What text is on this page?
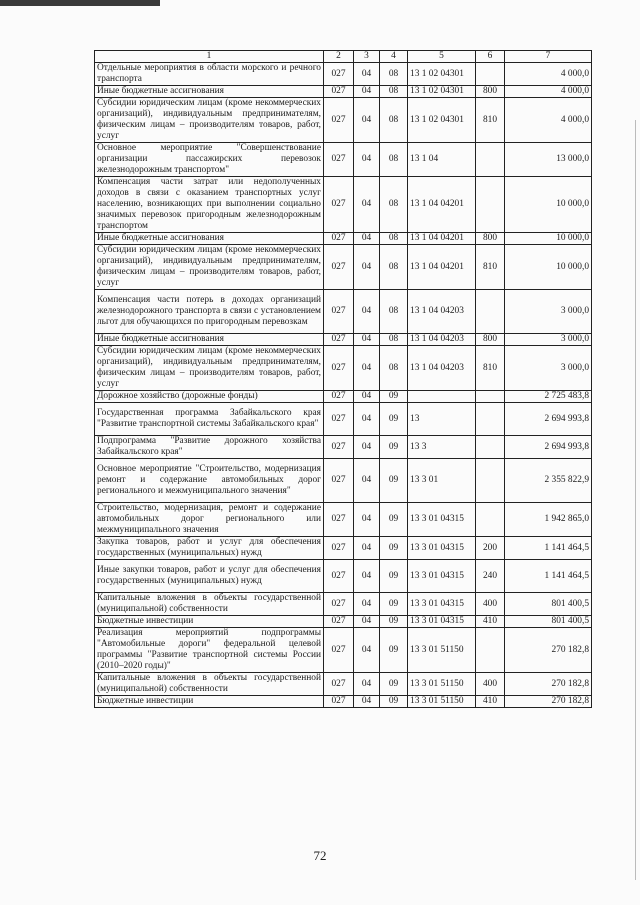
1	2	3	4	5	6	7
Отдельные мероприятия в области морского и речного транспорта	027	04	08	13 1 02 04301		4 000,0
Иные бюджетные ассигнования	027	04	08	13 1 02 04301	800	4 000,0
Субсидии юридическим лицам (кроме некоммерческих организаций), индивидуальным предпринимателям, физическим лицам – производителям товаров, работ, услуг	027	04	08	13 1 02 04301	810	4 000,0
Основное мероприятие "Совершенствование организации пассажирских перевозок железнодорожным транспортом"	027	04	08	13 1 04		13 000,0
Компенсация части затрат или недополученных доходов в связи с оказанием транспортных услуг населению, возникающих при выполнении социально значимых перевозок пригородным железнодорожным транспортом	027	04	08	13 1 04 04201		10 000,0
Иные бюджетные ассигнования	027	04	08	13 1 04 04201	800	10 000,0
Субсидии юридическим лицам (кроме некоммерческих организаций), индивидуальным предпринимателям, физическим лицам – производителям товаров, работ, услуг	027	04	08	13 1 04 04201	810	10 000,0
Компенсация части потерь в доходах организаций железнодорожного транспорта в связи с установлением льгот для обучающихся по пригородным перевозкам	027	04	08	13 1 04 04203		3 000,0
Иные бюджетные ассигнования	027	04	08	13 1 04 04203	800	3 000,0
Субсидии юридическим лицам (кроме некоммерческих организаций), индивидуальным предпринимателям, физическим лицам – производителям товаров, работ, услуг	027	04	08	13 1 04 04203	810	3 000,0
Дорожное хозяйство (дорожные фонды)	027	04	09			2 725 483,8
Государственная программа Забайкальского края "Развитие транспортной системы Забайкальского края"	027	04	09	13		2 694 993,8
Подпрограмма "Развитие дорожного хозяйства Забайкальского края"	027	04	09	13 3		2 694 993,8
Основное мероприятие "Строительство, модернизация ремонт и содержание автомобильных дорог регионального и межмуниципального значения"	027	04	09	13 3 01		2 355 822,9
Строительство, модернизация, ремонт и содержание автомобильных дорог регионального или межмуниципального значения	027	04	09	13 3 01 04315		1 942 865,0
Закупка товаров, работ и услуг для обеспечения государственных (муниципальных) нужд	027	04	09	13 3 01 04315	200	1 141 464,5
Иные закупки товаров, работ и услуг для обеспечения государственных (муниципальных) нужд	027	04	09	13 3 01 04315	240	1 141 464,5
Капитальные вложения в объекты государственной (муниципальной) собственности	027	04	09	13 3 01 04315	400	801 400,5
Бюджетные инвестиции	027	04	09	13 3 01 04315	410	801 400,5
Реализация мероприятий подпрограммы "Автомобильные дороги" федеральной целевой программы "Развитие транспортной системы России (2010–2020 годы)"	027	04	09	13 3 01 51150		270 182,8
Капитальные вложения в объекты государственной (муниципальной) собственности	027	04	09	13 3 01 51150	400	270 182,8
Бюджетные инвестиции	027	04	09	13 3 01 51150	410	270 182,8
72
